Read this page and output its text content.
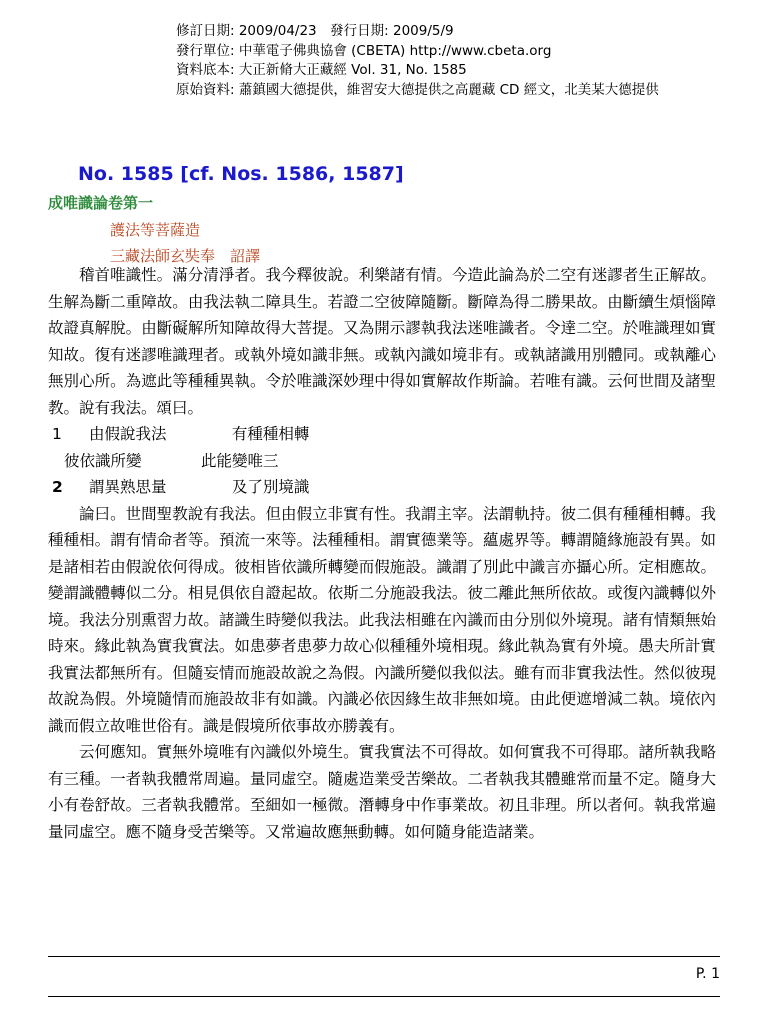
修訂日期: 2009/04/23　發行日期: 2009/5/9
發行單位: 中華電子佛典協會 (CBETA) http://www.cbeta.org
資料底本: 大正新脩大正藏經 Vol. 31, No. 1585
原始資料: 蕭鎮國大德提供，維習安大德提供之高麗藏 CD 經文，北美某大德提供
No. 1585 [cf. Nos. 1586, 1587]
成唯識論卷第一
護法等菩薩造
三藏法師玄奘奉　詔譯
稽首唯識性。滿分清淨者。我今釋彼說。利樂諸有情。今造此論為於二空有迷謬者生正解故。生解為斷二重障故。由我法執二障具生。若證二空彼障隨斷。斷障為得二勝果故。由斷續生煩惱障故證真解脫。由斷礙解所知障故得大菩提。又為開示謬執我法迷唯識者。令達二空。於唯識理如實知故。復有迷謬唯識理者。或執外境如識非無。或執內識如境非有。或執諸識用別體同。或執離心無別心所。為遮此等種種異執。令於唯識深妙理中得如實解故作斯論。若唯有識。云何世間及諸聖教。說有我法。頌曰。
1 由假說我法	有種種相轉
彼依識所變	此能變唯三
2 謂異熟思量	及了別境識
論曰。世間聖教說有我法。但由假立非實有性。我謂主宰。法謂軌持。彼二俱有種種相轉。我種種相。謂有情命者等。預流一來等。法種種相。謂實德業等。蘊處界等。轉謂隨緣施設有異。如是諸相若由假說依何得成。彼相皆依識所轉變而假施設。識謂了別此中識言亦攝心所。定相應故。變謂識體轉似二分。相見俱依自證起故。依斯二分施設我法。彼二離此無所依故。或復內識轉似外境。我法分別熏習力故。諸識生時變似我法。此我法相雖在內識而由分別似外境現。諸有情類無始時來。緣此執為實我實法。如患夢者患夢力故心似種種外境相現。緣此執為實有外境。愚夫所計實我實法都無所有。但隨妄情而施設故說之為假。內識所變似我似法。雖有而非實我法性。然似彼現故說為假。外境隨情而施設故非有如識。內識必依因緣生故非無如境。由此便遮增減二執。境依內識而假立故唯世俗有。識是假境所依事故亦勝義有。
云何應知。實無外境唯有內識似外境生。實我實法不可得故。如何實我不可得耶。諸所執我略有三種。一者執我體常周遍。量同虛空。隨處造業受苦樂故。二者執我其體雖常而量不定。隨身大小有卷舒故。三者執我體常。至細如一極微。潛轉身中作事業故。初且非理。所以者何。執我常遍量同虛空。應不隨身受苦樂等。又常遍故應無動轉。如何隨身能造諸業。
P. 1
